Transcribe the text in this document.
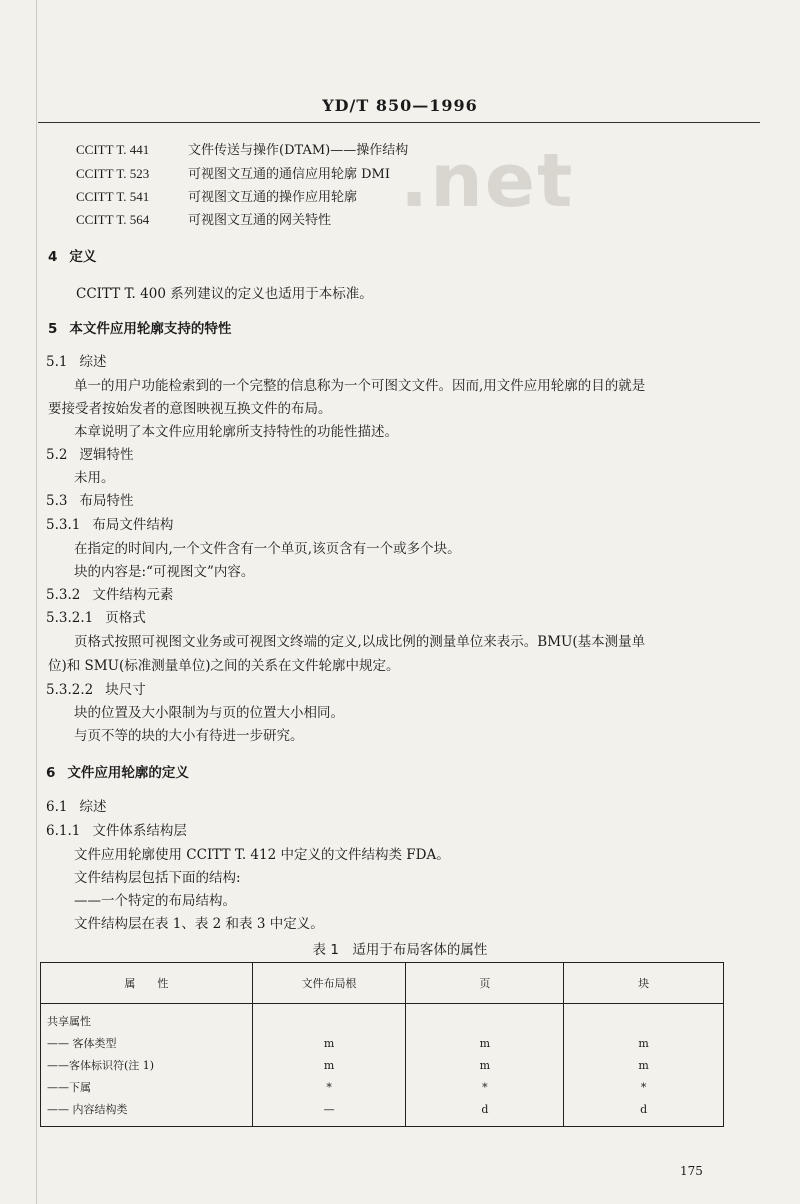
.net
YD/T 850—1996
CCITT T. 441	文件传送与操作(DTAM)——操作结构
CCITT T. 523	可视图文互通的通信应用轮廓 DMI
CCITT T. 541	可视图文互通的操作应用轮廓
CCITT T. 564	可视图文互通的网关特性
4 定义
CCITT T. 400 系列建议的定义也适用于本标准。
5 本文件应用轮廓支持的特性
5.1 综述
单一的用户功能检索到的一个完整的信息称为一个可图文文件。因而,用文件应用轮廓的目的就是
要接受者按始发者的意图映视互换文件的布局。
本章说明了本文件应用轮廓所支持特性的功能性描述。
5.2 逻辑特性
未用。
5.3 布局特性
5.3.1 布局文件结构
在指定的时间内,一个文件含有一个单页,该页含有一个或多个块。
块的内容是:“可视图文”内容。
5.3.2 文件结构元素
5.3.2.1 页格式
页格式按照可视图文业务或可视图文终端的定义,以成比例的测量单位来表示。BMU(基本测量单
位)和 SMU(标准测量单位)之间的关系在文件轮廓中规定。
5.3.2.2 块尺寸
块的位置及大小限制为与页的位置大小相同。
与页不等的块的大小有待进一步研究。
6 文件应用轮廓的定义
6.1 综述
6.1.1 文件体系结构层
文件应用轮廓使用 CCITT T. 412 中定义的文件结构类 FDA。
文件结构层包括下面的结构:
——一个特定的布局结构。
文件结构层在表 1、表 2 和表 3 中定义。
表 1　适用于布局客体的属性
属　　性	文件布局根	页	块
共享属性			
—— 客体类型	m	m	m
——客体标识符(注 1)	m	m	m
——下属	*	*	*
—— 内容结构类	—	d	d
175
